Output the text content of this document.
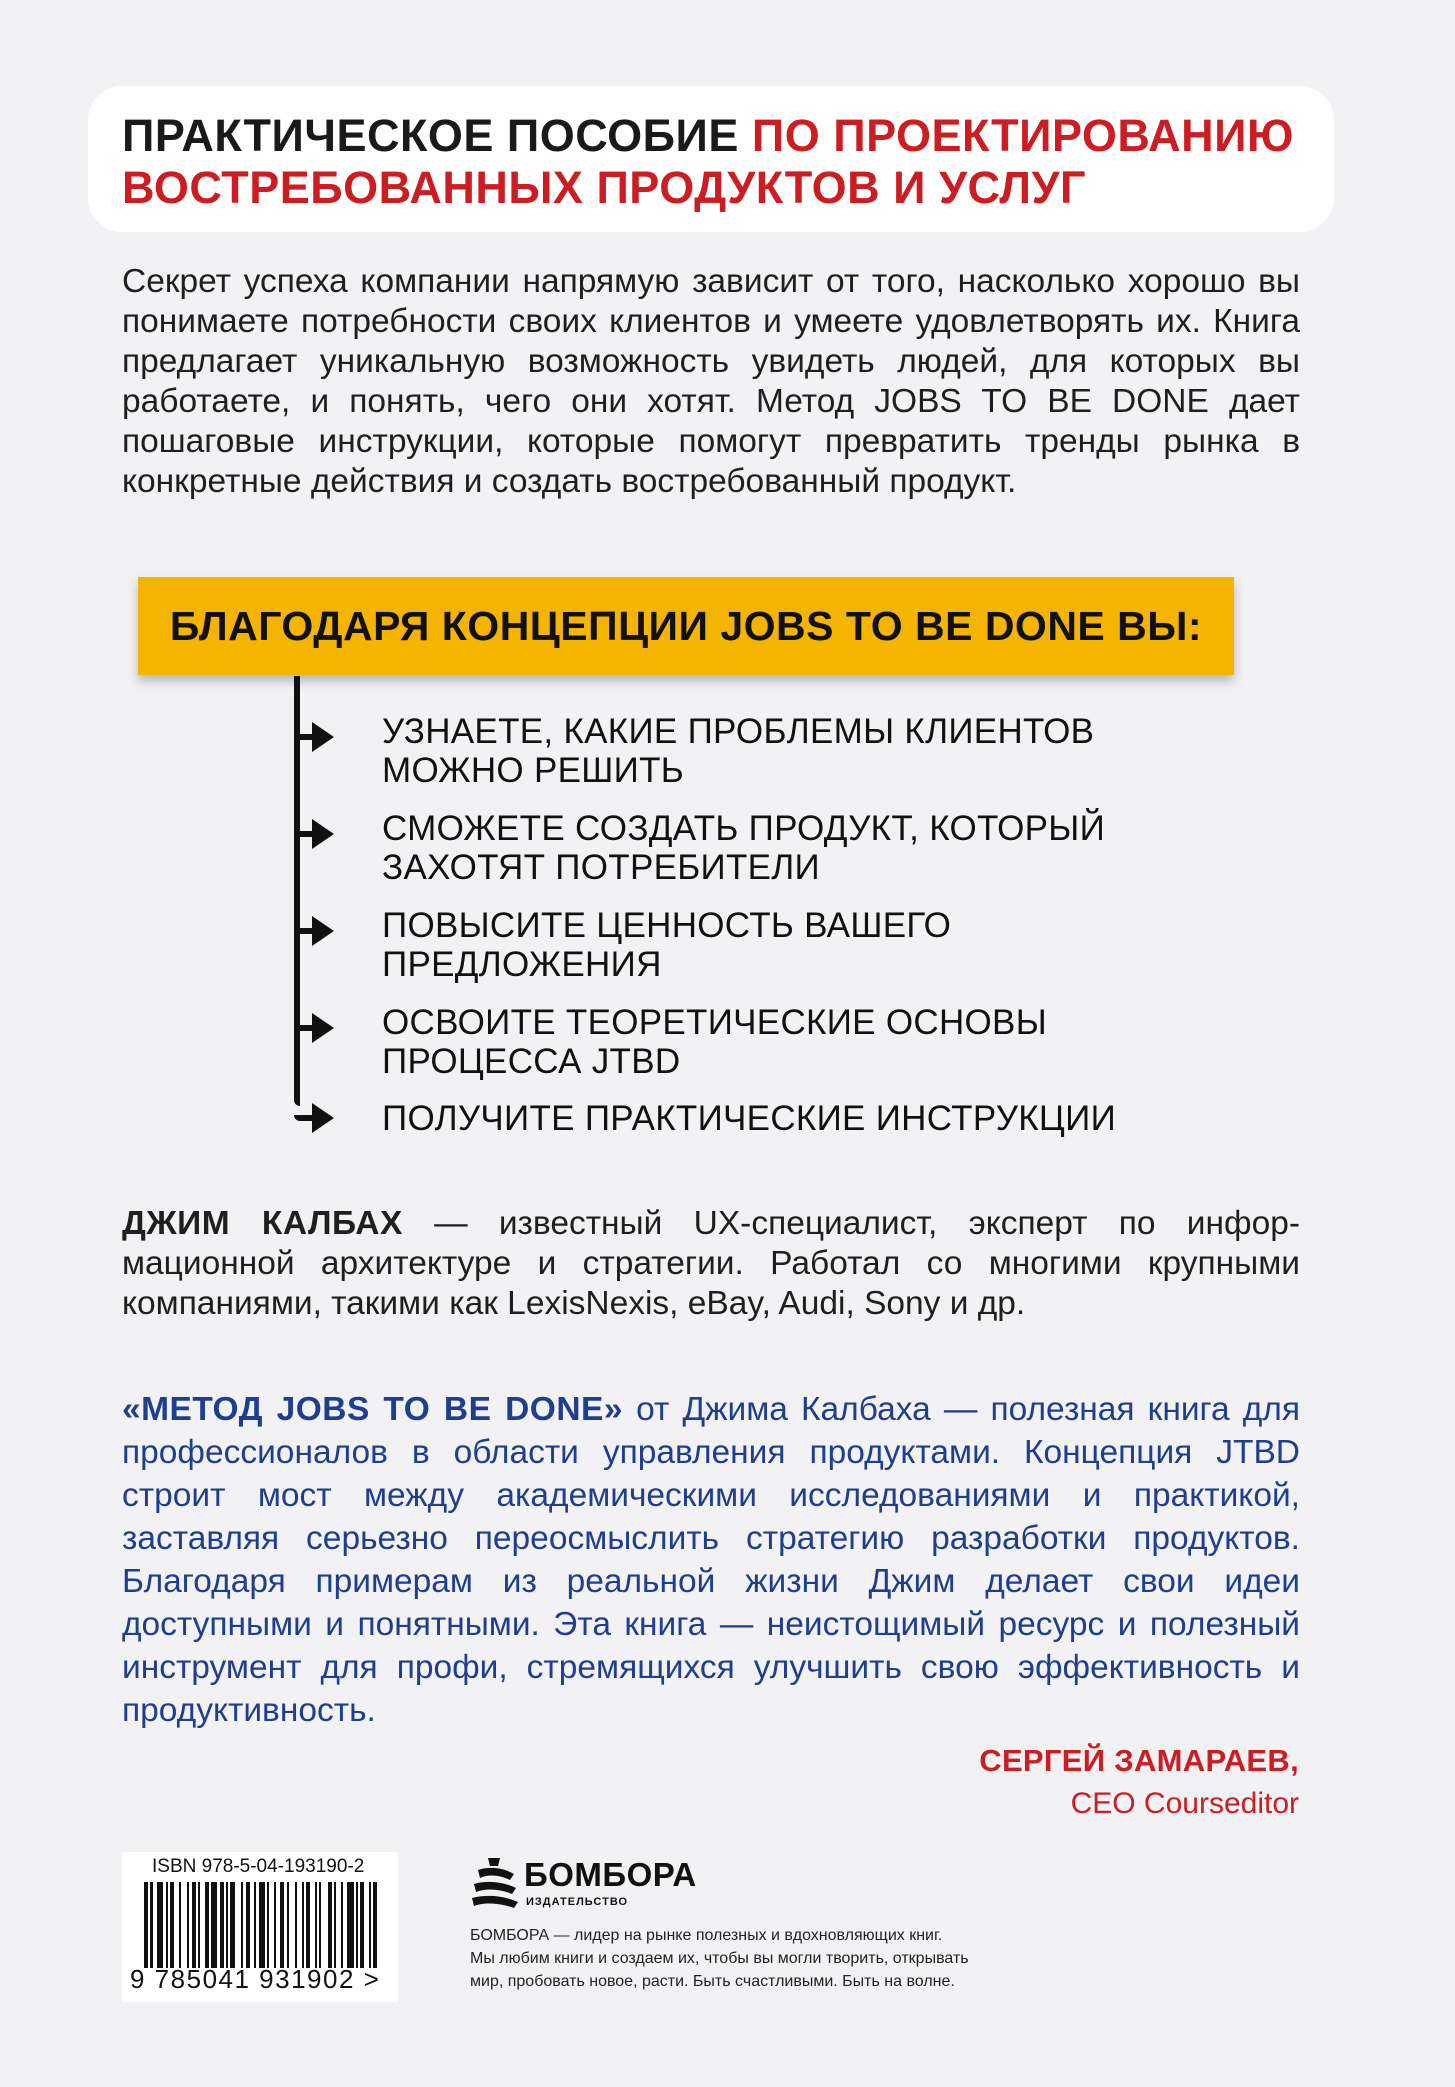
ПРАКТИЧЕСКОЕ ПОСОБИЕ ПО ПРОЕКТИРОВАНИЮ
ВОСТРЕБОВАННЫХ ПРОДУКТОВ И УСЛУГ
Секрет успеха компании напрямую зависит от того, насколько хорошо вы понимаете потребности своих клиентов и умеете удовлетворять их. Книга предлагает уникальную возможность увидеть людей, для которых вы работаете, и понять, чего они хотят. Метод JOBS TO BE DONE дает пошаговые инструкции, которые помогут превратить тренды рынка в конкретные действия и создать востребованный продукт.
БЛАГОДАРЯ КОНЦЕПЦИИ JOBS TO BE DONE ВЫ:
УЗНАЕТЕ, КАКИЕ ПРОБЛЕМЫ КЛИЕНТОВ
МОЖНО РЕШИТЬ
СМОЖЕТЕ СОЗДАТЬ ПРОДУКТ, КОТОРЫЙ
ЗАХОТЯТ ПОТРЕБИТЕЛИ
ПОВЫСИТЕ ЦЕННОСТЬ ВАШЕГО
ПРЕДЛОЖЕНИЯ
ОСВОИТЕ ТЕОРЕТИЧЕСКИЕ ОСНОВЫ
ПРОЦЕССА JTBD
ПОЛУЧИТЕ ПРАКТИЧЕСКИЕ ИНСТРУКЦИИ
ДЖИМ КАЛБАХ — известный UX-специалист, эксперт по информационной архитектуре и стратегии. Работал со многими крупными компаниями, такими как LexisNexis, eBay, Audi, Sony и др.
«МЕТОД JOBS TO BE DONE» от Джима Калбаха — полезная книга для профессионалов в области управления продуктами. Концепция JTBD строит мост между академическими исследованиями и практикой, заставляя серьезно переосмыслить стратегию разработки продуктов. Благодаря примерам из реальной жизни Джим делает свои идеи доступными и понятными. Эта книга — неистощимый ресурс и полезный инструмент для профи, стремящихся улучшить свою эффективность и продуктивность.
СЕРГЕЙ ЗАМАРАЕВ,
CEO Courseditor
ISBN 978-5-04-193190-2
9 785041 931902 >
БОМБОРА
ИЗДАТЕЛЬСТВО
БОМБОРА — лидер на рынке полезных и вдохновляющих книг.
Мы любим книги и создаем их, чтобы вы могли творить, открывать
мир, пробовать новое, расти. Быть счастливыми. Быть на волне.
